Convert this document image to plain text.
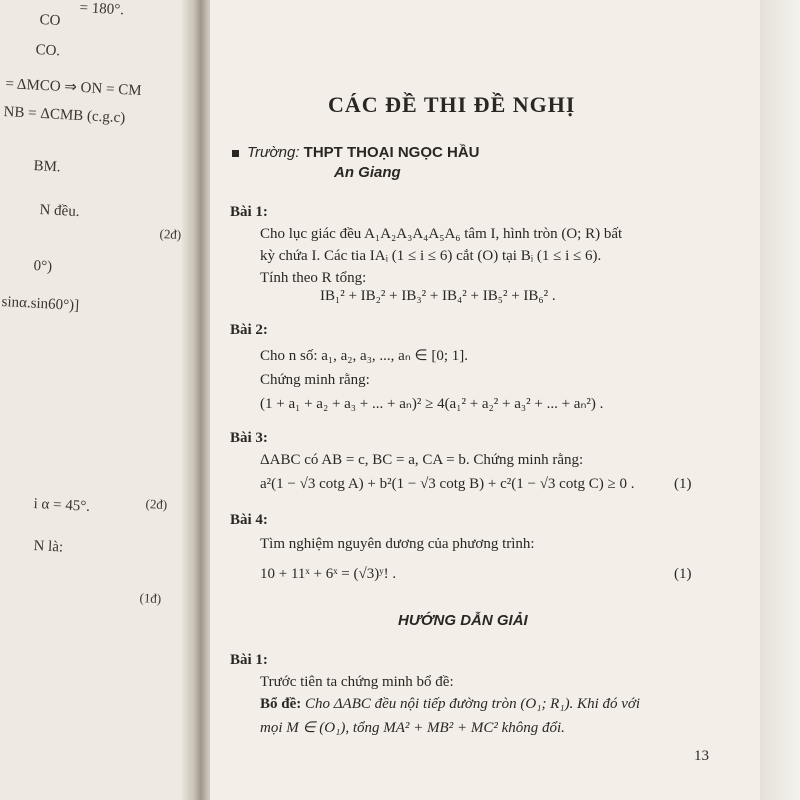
= 180°.
CO
CO.
= ΔMCO ⇒ ON = CM
NB = ΔCMB (c.g.c)
BM.
N đều.
(2đ)
0°)
sinα.sin60°)]
i α = 45°.	(2đ)
N là:
(1đ)
CÁC ĐỀ THI ĐỀ NGHỊ
Trường: THPT THOẠI NGỌC HẦU
An Giang
Bài 1:
Cho lục giác đều A₁A₂A₃A₄A₅A₆ tâm I, hình tròn (O; R) bất
kỳ chứa I. Các tia IAᵢ (1 ≤ i ≤ 6) cắt (O) tại Bᵢ (1 ≤ i ≤ 6).
Tính theo R tổng:
IB₁² + IB₂² + IB₃² + IB₄² + IB₅² + IB₆² .
Bài 2:
Cho n số: a₁, a₂, a₃, ..., aₙ ∈ [0; 1].
Chứng minh rằng:
(1 + a₁ + a₂ + a₃ + ... + aₙ)² ≥ 4(a₁² + a₂² + a₃² + ... + aₙ²) .
Bài 3:
ΔABC có AB = c, BC = a, CA = b. Chứng minh rằng:
a²(1 − √3 cotg A) + b²(1 − √3 cotg B) + c²(1 − √3 cotg C) ≥ 0 .	(1)
Bài 4:
Tìm nghiệm nguyên dương của phương trình:
10 + 11ˣ + 6ˣ = (√3)ʸ! .	(1)
HƯỚNG DẪN GIẢI
Bài 1:
Trước tiên ta chứng minh bổ đề:
Bổ đề: Cho ΔABC đều nội tiếp đường tròn (O₁; R₁). Khi đó với
mọi M ∈ (O₁), tổng MA² + MB² + MC² không đổi.
13
